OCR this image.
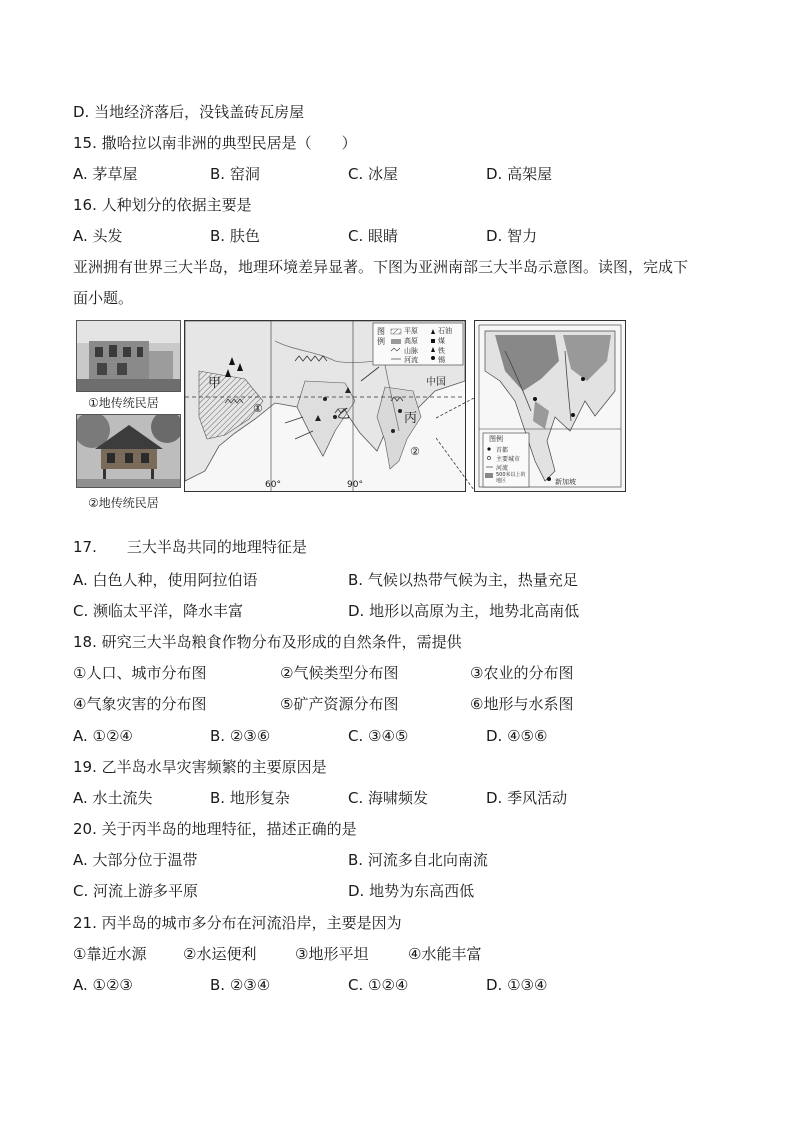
D. 当地经济落后，没钱盖砖瓦房屋
15. 撒哈拉以南非洲的典型民居是（　　）
A. 茅草屋	B. 窑洞	C. 冰屋	D. 高架屋
16. 人种划分的依据主要是
A. 头发	B. 肤色	C. 眼睛	D. 智力
亚洲拥有世界三大半岛，地理环境差异显著。下图为亚洲南部三大半岛示意图。读图，完成下
面小题。
①地传统民居
②地传统民居
甲
乙	丙
中国
①
②
60°	90°
图例
平原	石油
高原	煤
山脉	铁
河流	锡
图例
首都
主要城市
河流
500米以上的地区	新加坡
17.　　三大半岛共同的地理特征是
A. 白色人种，使用阿拉伯语	B. 气候以热带气候为主，热量充足
C. 濒临太平洋，降水丰富	D. 地形以高原为主，地势北高南低
18. 研究三大半岛粮食作物分布及形成的自然条件，需提供
①人口、城市分布图	②气候类型分布图	③农业的分布图
④气象灾害的分布图	⑤矿产资源分布图	⑥地形与水系图
A. ①②④	B. ②③⑥	C. ③④⑤	D. ④⑤⑥
19. 乙半岛水旱灾害频繁的主要原因是
A. 水土流失	B. 地形复杂	C. 海啸频发	D. 季风活动
20. 关于丙半岛的地理特征，描述正确的是
A. 大部分位于温带	B. 河流多自北向南流
C. 河流上游多平原	D. 地势为东高西低
21. 丙半岛的城市多分布在河流沿岸，主要是因为
①靠近水源 ②水运便利	③地形平坦	④水能丰富
A. ①②③	B. ②③④	C. ①②④	D. ①③④
